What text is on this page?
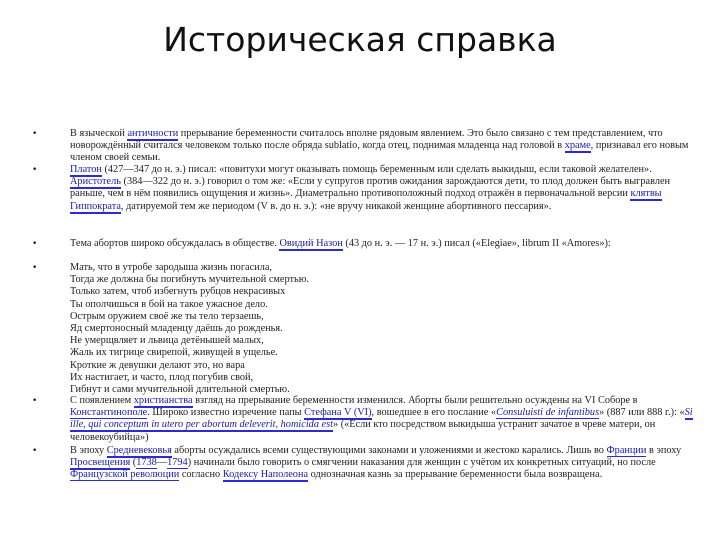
Историческая справка
•	В языческой античности прерывание беременности считалось вполне рядовым явлением. Это было связано с тем представлением, что новорождённый считался человеком только после обряда sublatio, когда отец, поднимая младенца над головой в храме, признавал его новым членом своей семьи.
•	Платон (427—347 до н. э.) писал: «повитухи могут оказывать помощь беременным или сделать выкидыш, если таковой желателен». Аристотель (384—322 до н. э.) говорил о том же: «Если у супругов против ожидания зарождаются дети, то плод должен быть выгравлен раньше, чем в нём появились ощущения и жизнь». Диаметрально противоположный подход отражён в первоначальной версии клятвы Гиппократа, датируемой тем же периодом (V в. до н. э.): «не вручу никакой женщине абортивного пессария».
•	Тема абортов широко обсуждалась в обществе. Овидий Назон (43 до н. э. — 17 н. э.) писал («Elegiae», librum II «Amores»):
•	Мать, что в утробе зародыша жизнь погасила,
Тогда же должна бы погибнуть мучительной смертью.
Только затем, чтоб избегнуть рубцов некрасивых
Ты ополчишься в бой на такое ужасное дело.
Острым оружием своё же ты тело терзаешь,
Яд смертоносный младенцу даёшь до рожденья.
Не умерщвляет и львица детёнышей малых,
Жаль их тигрице свирепой, живущей в ущелье.
Кроткие ж девушки делают это, но вара
Их настигает, и часто, плод погубив свой,
Гибнут и сами мучительной длительной смертью.
•	С появлением христианства взгляд на прерывание беременности изменился. Аборты были решительно осуждены на VI Соборе в Константинополе. Широко известно изречение папы Стефана V (VI), вошедшее в его послание «Consuluisti de infantibus» (887 или 888 г.): «Si ille, qui conceptum in utero per abortum deleverit, homicida est» («Если кто посредством выкидыша устранит зачатое в чреве матери, он человекоубийца»)
•	В эпоху Средневековья аборты осуждались всеми существующими законами и уложениями и жестоко карались. Лишь во Франции в эпоху Просвещения (1738—1794) начинали было говорить о смягчении наказания для женщин с учётом их конкретных ситуаций, но после Французской революции согласно Кодексу Наполеона однозначная казнь за прерывание беременности была возвращена.
